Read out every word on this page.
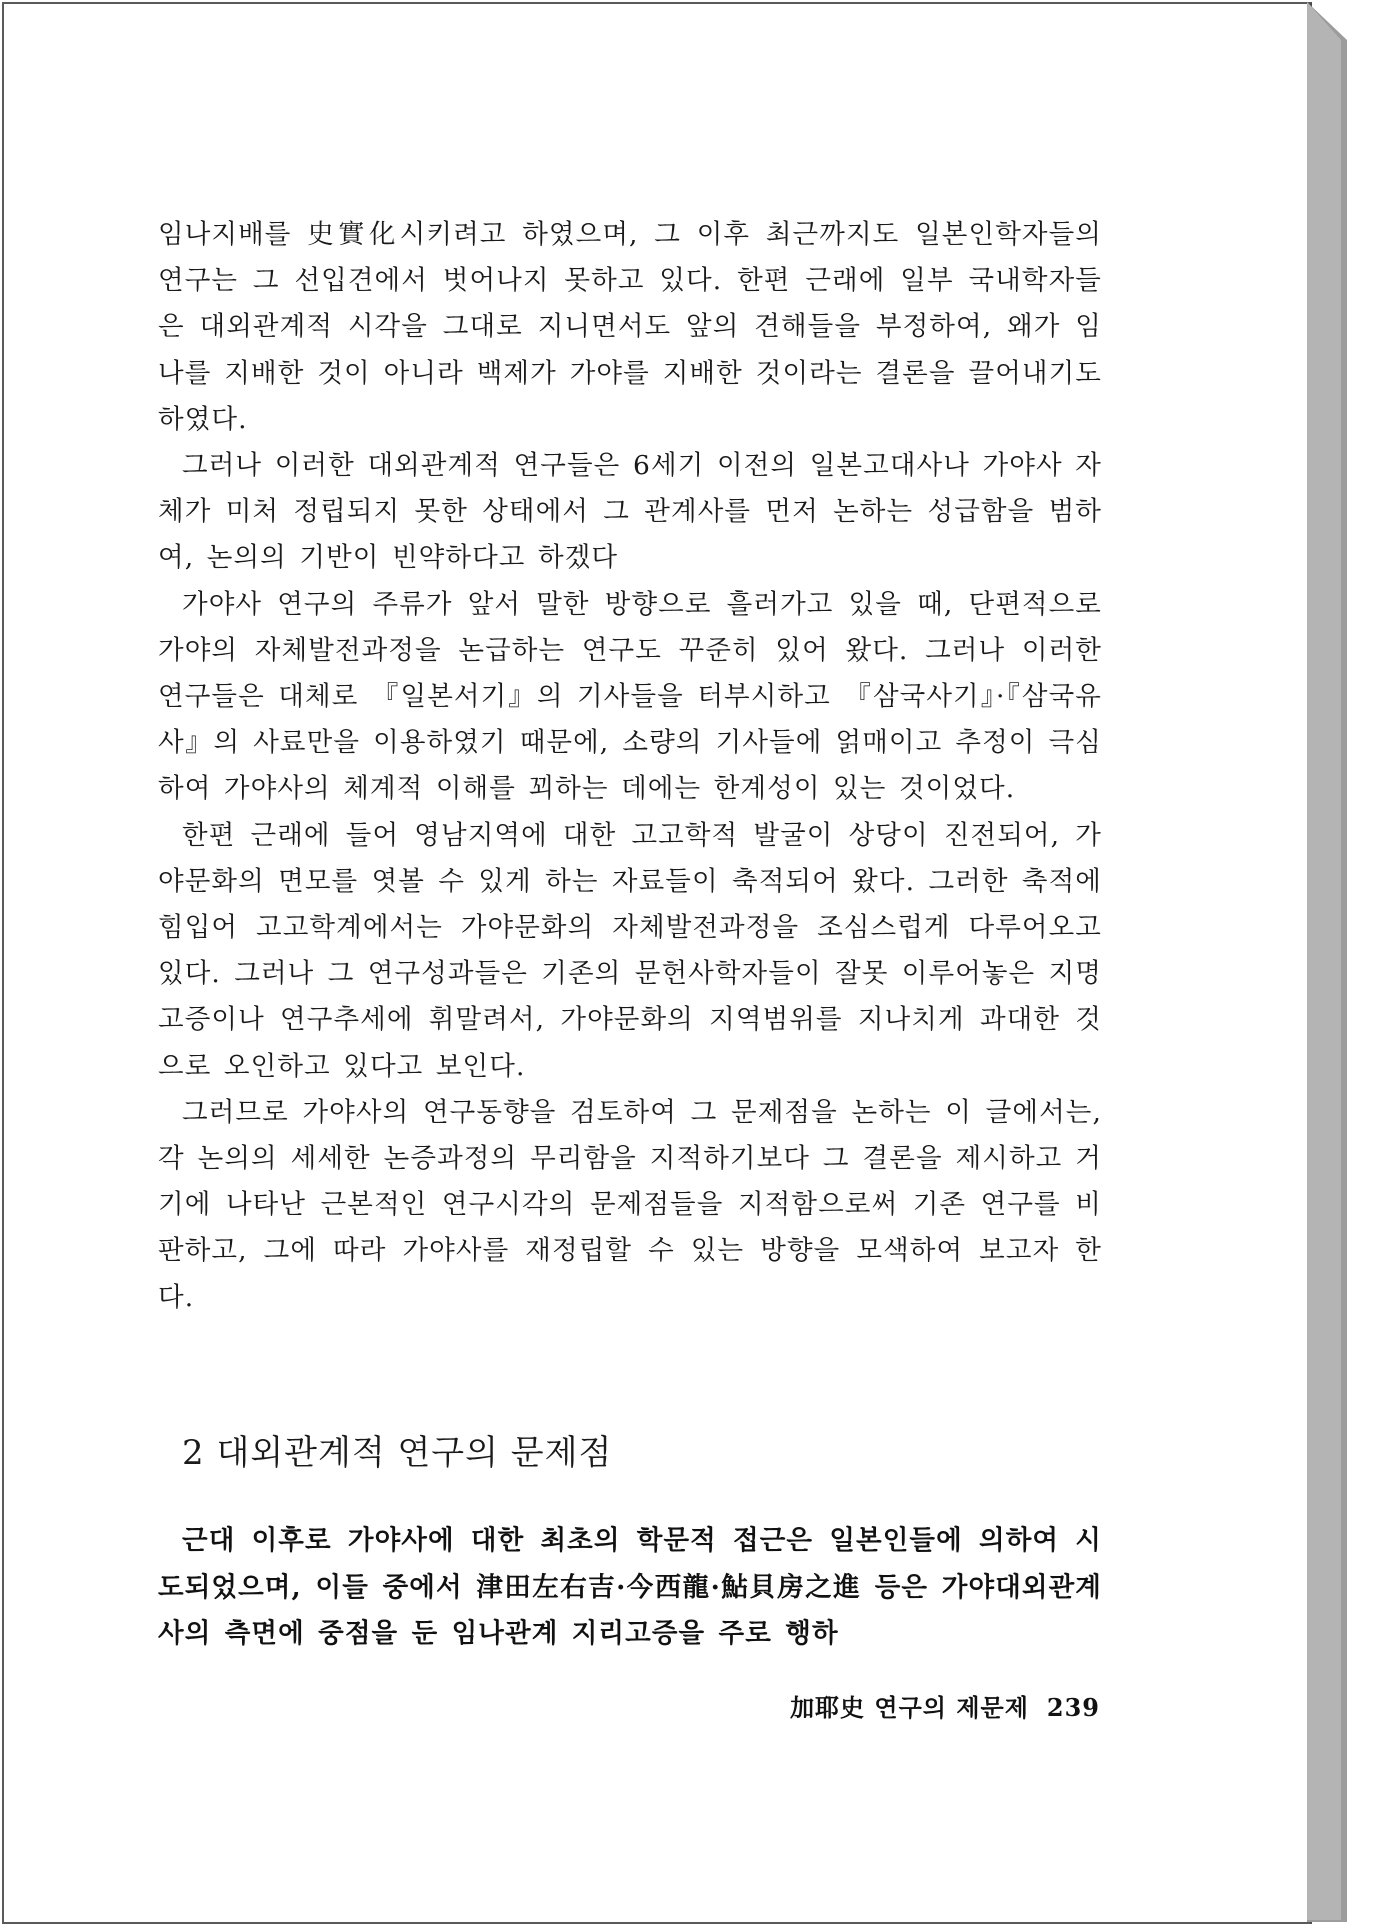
임나지배를 史實化시키려고 하였으며, 그 이후 최근까지도 일본인학자들의 연구는 그 선입견에서 벗어나지 못하고 있다. 한편 근래에 일부 국내학자들은 대외관계적 시각을 그대로 지니면서도 앞의 견해들을 부정하여, 왜가 임나를 지배한 것이 아니라 백제가 가야를 지배한 것이라는 결론을 끌어내기도 하였다.

그러나 이러한 대외관계적 연구들은 6세기 이전의 일본고대사나 가야사 자체가 미처 정립되지 못한 상태에서 그 관계사를 먼저 논하는 성급함을 범하여, 논의의 기반이 빈약하다고 하겠다

가야사 연구의 주류가 앞서 말한 방향으로 흘러가고 있을 때, 단편적으로 가야의 자체발전과정을 논급하는 연구도 꾸준히 있어 왔다. 그러나 이러한 연구들은 대체로 『일본서기』의 기사들을 터부시하고 『삼국사기』·『삼국유사』의 사료만을 이용하였기 때문에, 소량의 기사들에 얽매이고 추정이 극심하여 가야사의 체계적 이해를 꾀하는 데에는 한계성이 있는 것이었다.

한편 근래에 들어 영남지역에 대한 고고학적 발굴이 상당이 진전되어, 가야문화의 면모를 엿볼 수 있게 하는 자료들이 축적되어 왔다. 그러한 축적에 힘입어 고고학계에서는 가야문화의 자체발전과정을 조심스럽게 다루어오고 있다. 그러나 그 연구성과들은 기존의 문헌사학자들이 잘못 이루어놓은 지명고증이나 연구추세에 휘말려서, 가야문화의 지역범위를 지나치게 과대한 것으로 오인하고 있다고 보인다.

그러므로 가야사의 연구동향을 검토하여 그 문제점을 논하는 이 글에서는, 각 논의의 세세한 논증과정의 무리함을 지적하기보다 그 결론을 제시하고 거기에 나타난 근본적인 연구시각의 문제점들을 지적함으로써 기존 연구를 비판하고, 그에 따라 가야사를 재정립할 수 있는 방향을 모색하여 보고자 한다.

2 대외관계적 연구의 문제점

근대 이후로 가야사에 대한 최초의 학문적 접근은 일본인들에 의하여 시도되었으며, 이들 중에서 津田左右吉·今西龍·鮎貝房之進 등은 가야대외관계사의 측면에 중점을 둔 임나관계 지리고증을 주로 행하

加耶史 연구의 제문제 239
